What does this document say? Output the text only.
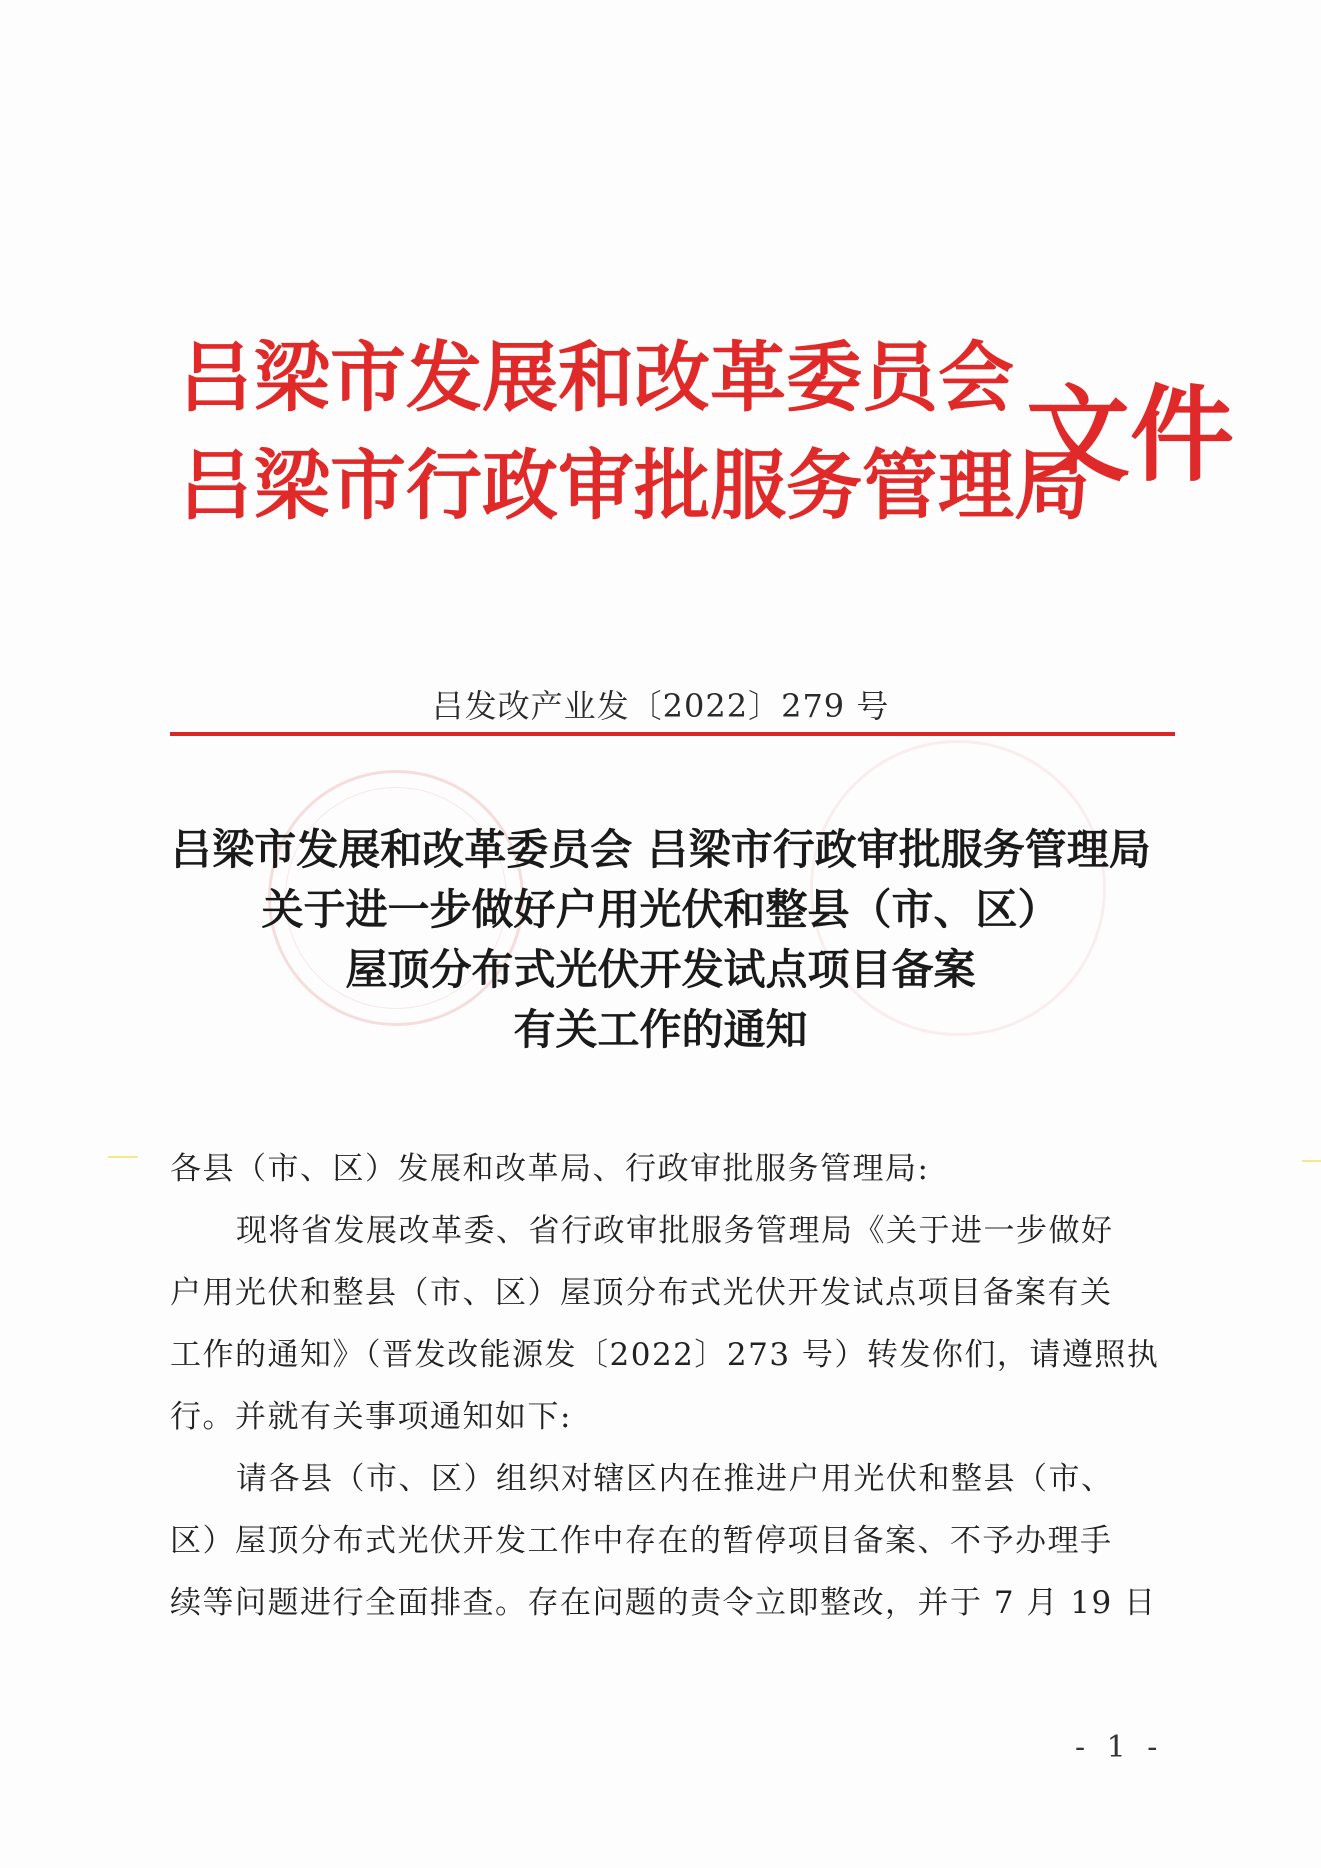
吕梁市发展和改革委员会
吕梁市行政审批服务管理局
文件
吕发改产业发〔2022〕279 号
吕梁市发展和改革委员会 吕梁市行政审批服务管理局
关于进一步做好户用光伏和整县（市、区）
屋顶分布式光伏开发试点项目备案
有关工作的通知
各县（市、区）发展和改革局、行政审批服务管理局:
现将省发展改革委、省行政审批服务管理局《关于进一步做好
户用光伏和整县（市、区）屋顶分布式光伏开发试点项目备案有关
工作的通知》（晋发改能源发〔2022〕273 号）转发你们，请遵照执
行。并就有关事项通知如下:
请各县（市、区）组织对辖区内在推进户用光伏和整县（市、
区）屋顶分布式光伏开发工作中存在的暂停项目备案、不予办理手
续等问题进行全面排查。存在问题的责令立即整改，并于 7 月 19 日
- 1 -
